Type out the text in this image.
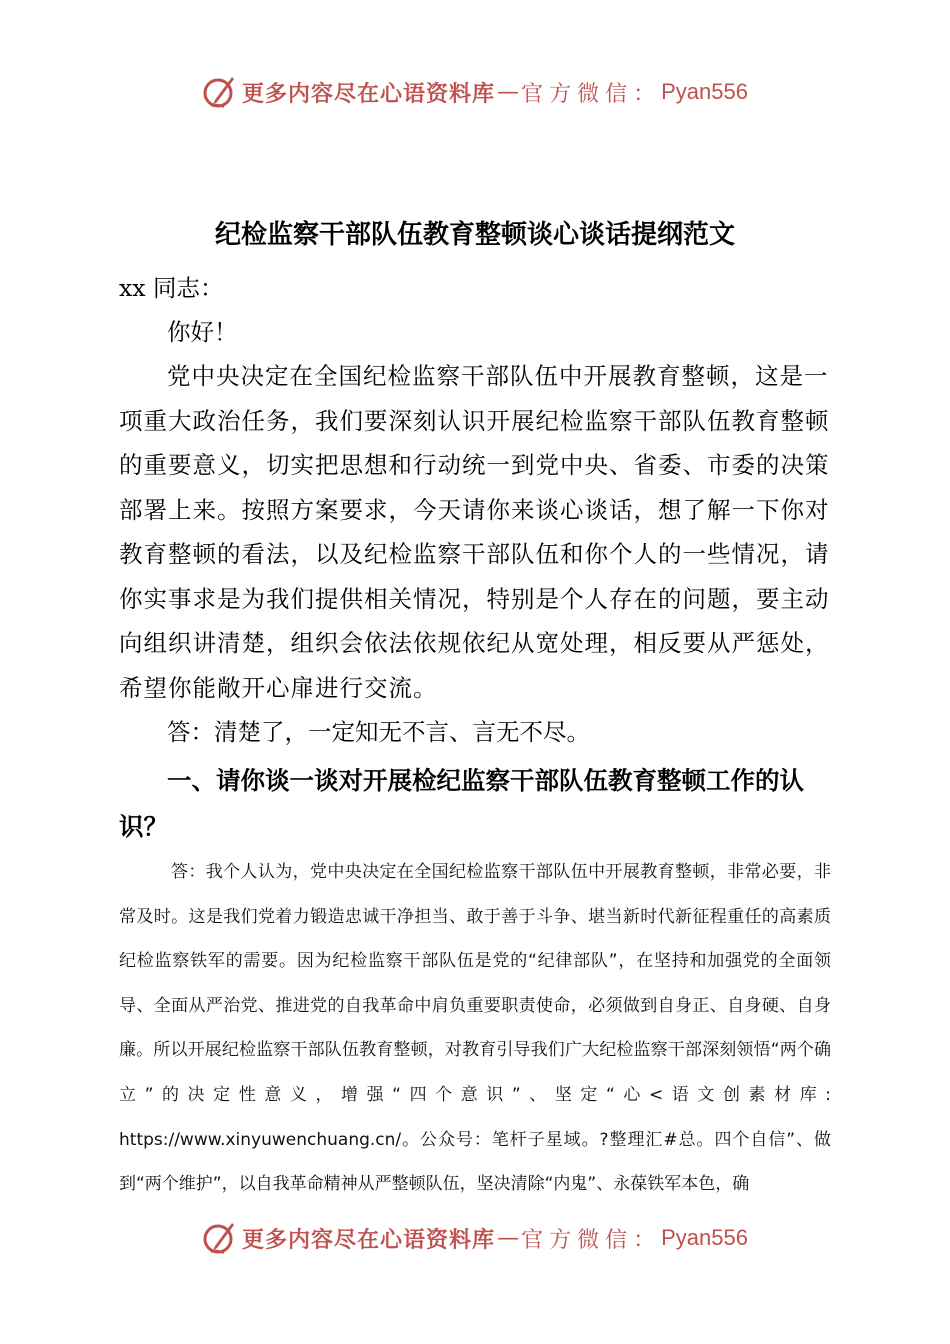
更多内容尽在心语资料库 — 官方微信： Pyan556
纪检监察干部队伍教育整顿谈心谈话提纲范文
xx 同志：
你好！
党中央决定在全国纪检监察干部队伍中开展教育整顿，这是一项重大政治任务，我们要深刻认识开展纪检监察干部队伍教育整顿的重要意义，切实把思想和行动统一到党中央、省委、市委的决策部署上来。按照方案要求，今天请你来谈心谈话，想了解一下你对教育整顿的看法，以及纪检监察干部队伍和你个人的一些情况，请你实事求是为我们提供相关情况，特别是个人存在的问题，要主动向组织讲清楚，组织会依法依规依纪从宽处理，相反要从严惩处，希望你能敞开心扉进行交流。
答：清楚了，一定知无不言、言无不尽。
一、请你谈一谈对开展检纪监察干部队伍教育整顿工作的认识？
答：我个人认为，党中央决定在全国纪检监察干部队伍中开展教育整顿，非常必要，非常及时。这是我们党着力锻造忠诚干净担当、敢于善于斗争、堪当新时代新征程重任的高素质纪检监察铁军的需要。因为纪检监察干部队伍是党的“纪律部队”，在坚持和加强党的全面领导、全面从严治党、推进党的自我革命中肩负重要职责使命，必须做到自身正、自身硬、自身廉。所以开展纪检监察干部队伍教育整顿，对教育引导我们广大纪检监察干部深刻领悟“两个确立”的决定性意义，增强“四个意识”、坚定“心<语文创素材库: https://www.xinyuwenchuang.cn/。公众号：笔杆子星域。?整理汇#总。四个自信”、做到“两个维护”，以自我革命精神从严整顿队伍，坚决清除“内鬼”、永葆铁军本色，确
更多内容尽在心语资料库 — 官方微信： Pyan556
